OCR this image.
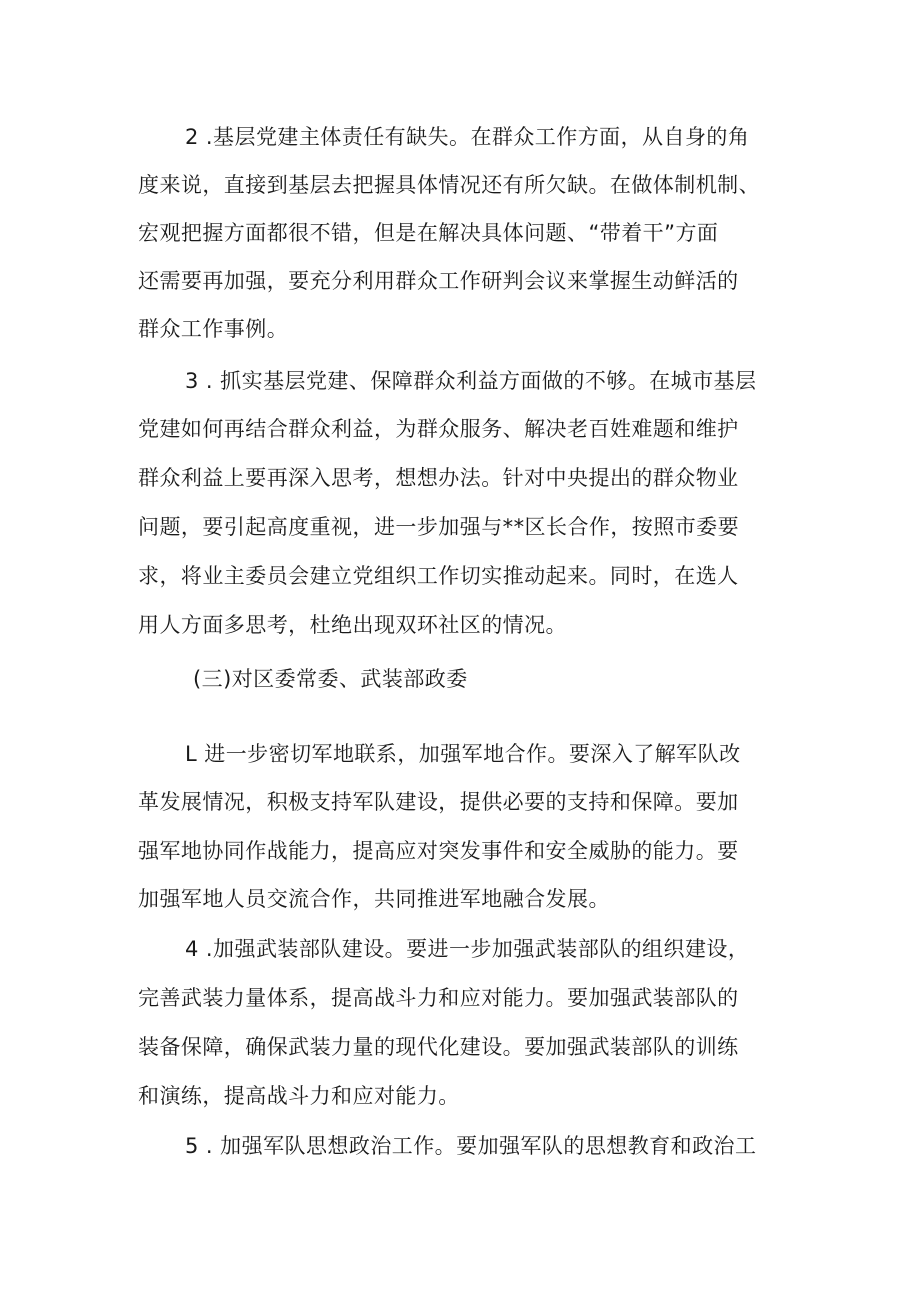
2 .基层党建主体责任有缺失。在群众工作方面，从自身的角
度来说，直接到基层去把握具体情况还有所欠缺。在做体制机制、
宏观把握方面都很不错，但是在解决具体问题、“带着干”方面
还需要再加强，要充分利用群众工作研判会议来掌握生动鲜活的
群众工作事例。
3 . 抓实基层党建、保障群众利益方面做的不够。在城市基层
党建如何再结合群众利益，为群众服务、解决老百姓难题和维护
群众利益上要再深入思考，想想办法。针对中央提出的群众物业
问题，要引起高度重视，进一步加强与**区长合作，按照市委要
求，将业主委员会建立党组织工作切实推动起来。同时，在选人
用人方面多思考，杜绝出现双环社区的情况。
(三)对区委常委、武装部政委
L 进一步密切军地联系，加强军地合作。要深入了解军队改
革发展情况，积极支持军队建设，提供必要的支持和保障。要加
强军地协同作战能力，提高应对突发事件和安全威胁的能力。要
加强军地人员交流合作，共同推进军地融合发展。
4 .加强武装部队建设。要进一步加强武装部队的组织建设，
完善武装力量体系，提高战斗力和应对能力。要加强武装部队的
装备保障，确保武装力量的现代化建设。要加强武装部队的训练
和演练，提高战斗力和应对能力。
5 . 加强军队思想政治工作。要加强军队的思想教育和政治工
